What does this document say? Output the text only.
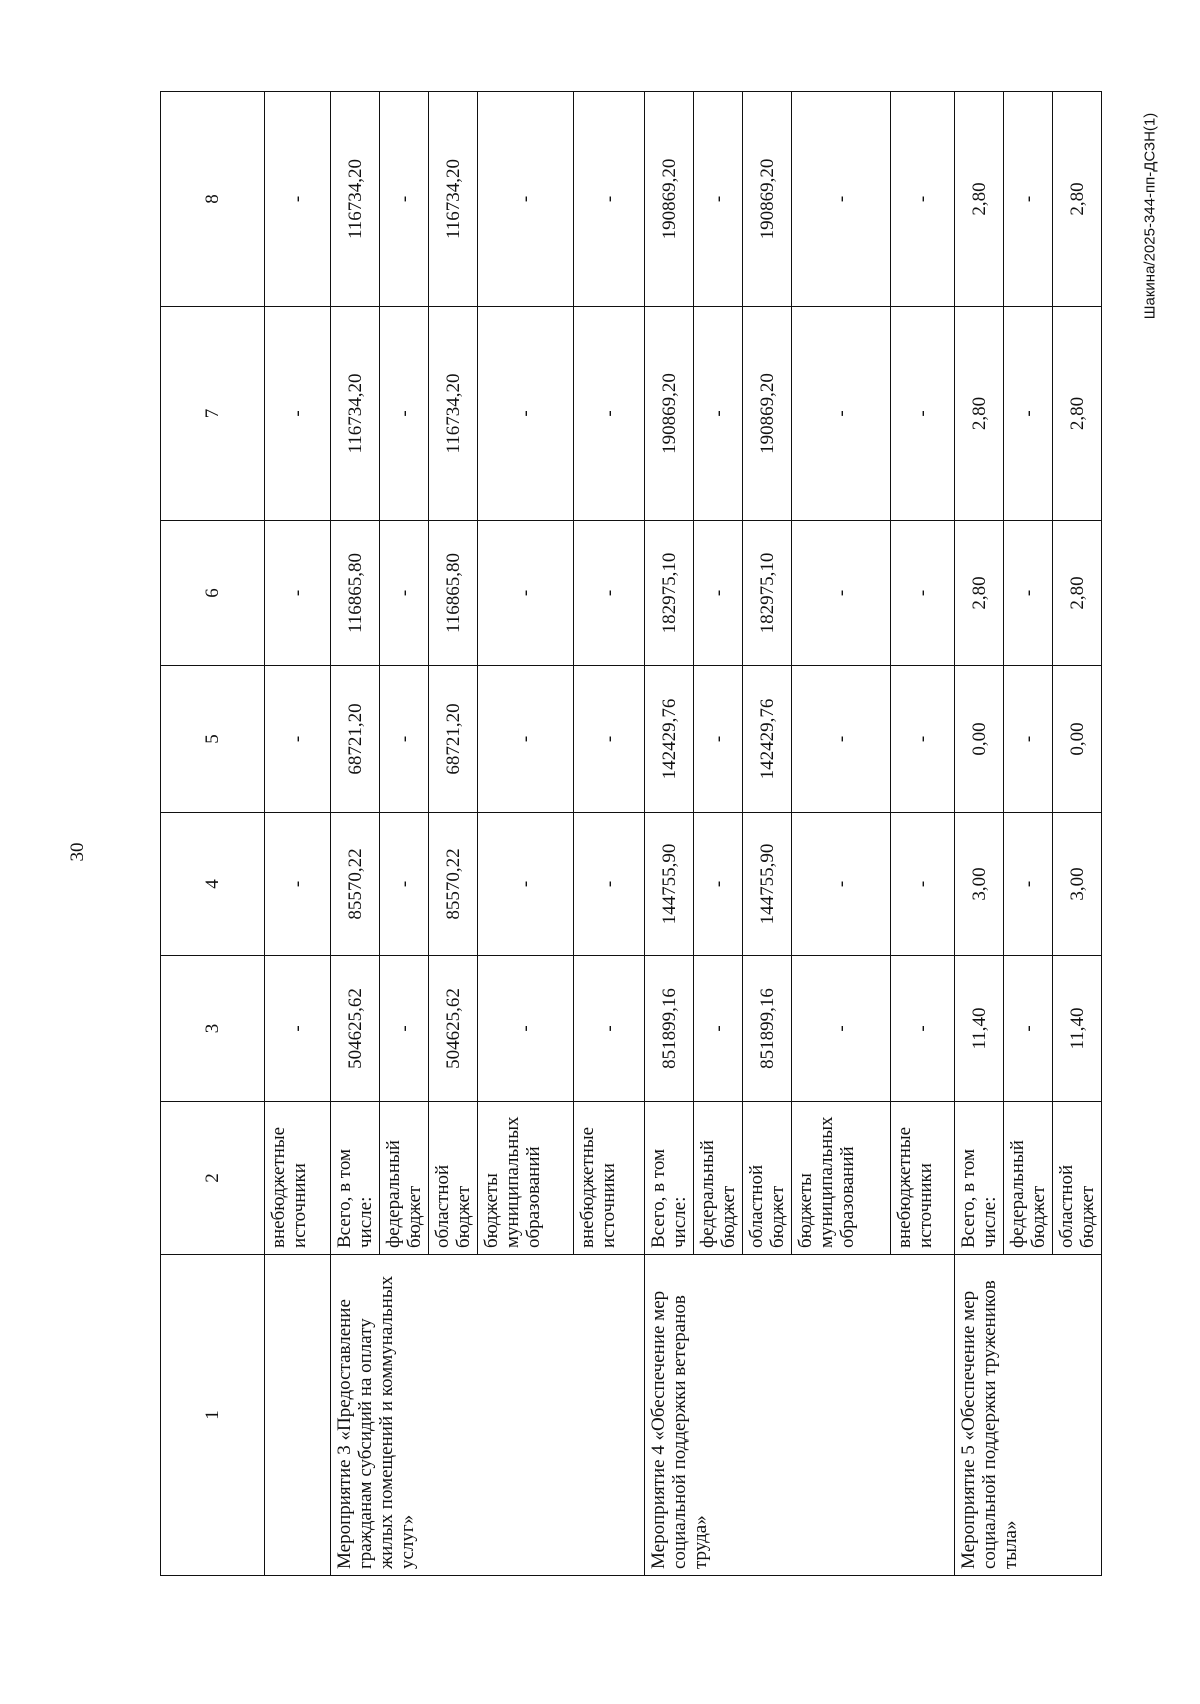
30
Шакина/2025-344-пп-ДСЗН(1)
1	2	3	4	5	6	7	8
	внебюджетные источники	-	-	-	-	-	-
Мероприятие 3 «Предоставление гражданам субсидий на оплату жилых помещений и коммунальных услуг»	Всего, в том числе:	504625,62	85570,22	68721,20	116865,80	116734,20	116734,20
	федеральный бюджет	-	-	-	-	-	-
	областной бюджет	504625,62	85570,22	68721,20	116865,80	116734,20	116734,20
	бюджеты муниципальных образований	-	-	-	-	-	-
	внебюджетные источники	-	-	-	-	-	-
Мероприятие 4 «Обеспечение мер социальной поддержки ветеранов труда»	Всего, в том числе:	851899,16	144755,90	142429,76	182975,10	190869,20	190869,20
	федеральный бюджет	-	-	-	-	-	-
	областной бюджет	851899,16	144755,90	142429,76	182975,10	190869,20	190869,20
	бюджеты муниципальных образований	-	-	-	-	-	-
	внебюджетные источники	-	-	-	-	-	-
Мероприятие 5 «Обеспечение мер социальной поддержки тружеников тыла»	Всего, в том числе:	11,40	3,00	0,00	2,80	2,80	2,80
	федеральный бюджет	-	-	-	-	-	-
	областной бюджет	11,40	3,00	0,00	2,80	2,80	2,80
